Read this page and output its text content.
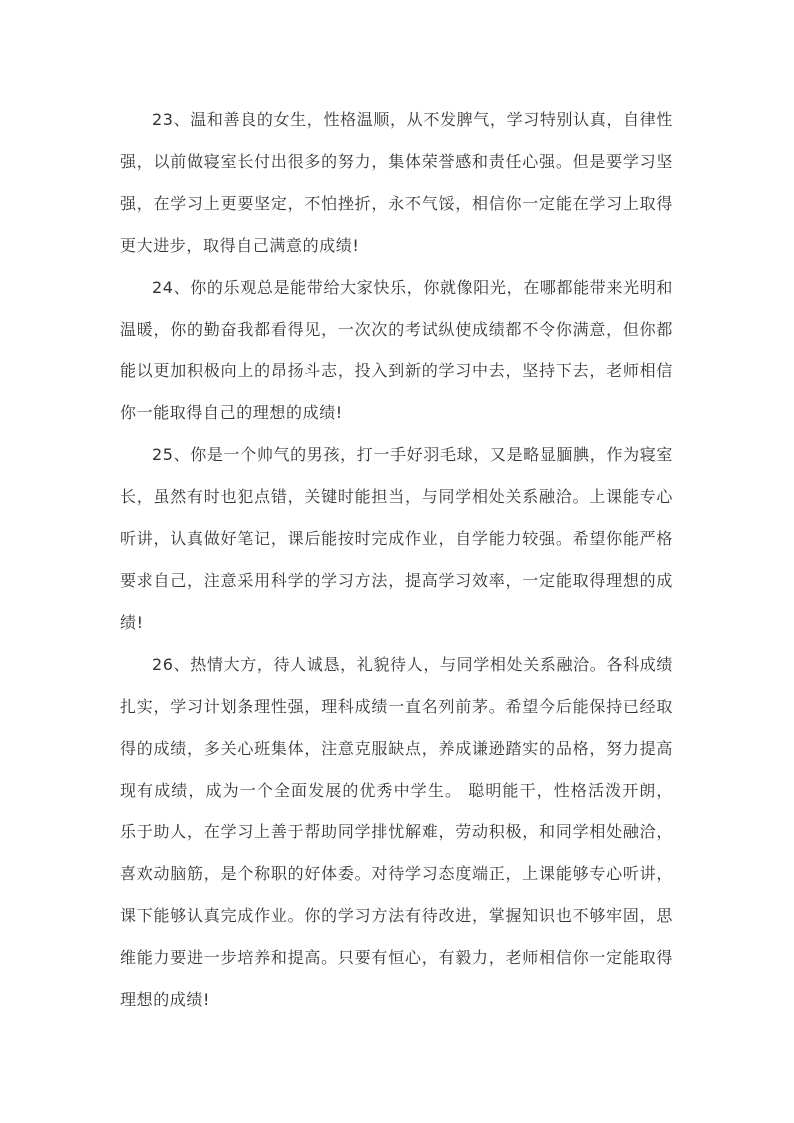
23、温和善良的女生，性格温顺，从不发脾气，学习特别认真，自律性强，以前做寝室长付出很多的努力，集体荣誉感和责任心强。但是要学习坚强，在学习上更要坚定，不怕挫折，永不气馁，相信你一定能在学习上取得更大进步，取得自己满意的成绩!

24、你的乐观总是能带给大家快乐，你就像阳光，在哪都能带来光明和温暖，你的勤奋我都看得见，一次次的考试纵使成绩都不令你满意，但你都能以更加积极向上的昂扬斗志，投入到新的学习中去，坚持下去，老师相信你一能取得自己的理想的成绩!

25、你是一个帅气的男孩，打一手好羽毛球，又是略显腼腆，作为寝室长，虽然有时也犯点错，关键时能担当，与同学相处关系融洽。上课能专心听讲，认真做好笔记，课后能按时完成作业，自学能力较强。希望你能严格要求自己，注意采用科学的学习方法，提高学习效率，一定能取得理想的成绩!

26、热情大方，待人诚恳，礼貌待人，与同学相处关系融洽。各科成绩扎实，学习计划条理性强，理科成绩一直名列前茅。希望今后能保持已经取得的成绩，多关心班集体，注意克服缺点，养成谦逊踏实的品格，努力提高现有成绩，成为一个全面发展的优秀中学生。 聪明能干，性格活泼开朗，乐于助人，在学习上善于帮助同学排忧解难，劳动积极，和同学相处融洽，喜欢动脑筋，是个称职的好体委。对待学习态度端正，上课能够专心听讲，课下能够认真完成作业。你的学习方法有待改进，掌握知识也不够牢固，思维能力要进一步培养和提高。只要有恒心，有毅力，老师相信你一定能取得理想的成绩!
